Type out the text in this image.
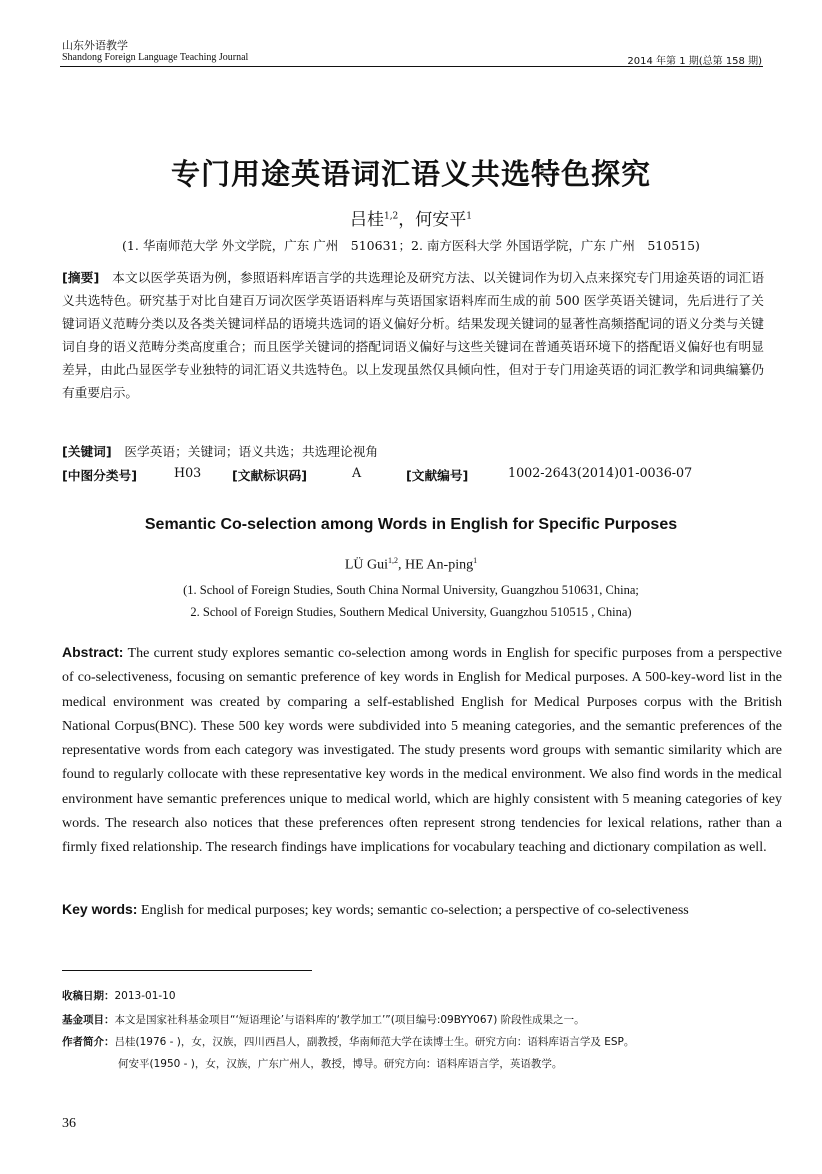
山东外语教学
Shandong Foreign Language Teaching Journal	2014 年第 1 期(总第 158 期)
专门用途英语词汇语义共选特色探究
吕桂$^{1,2}$，何安平$^1$
(1. 华南师范大学 外文学院，广东 广州　510631；2. 南方医科大学 外国语学院，广东 广州　510515)
[摘要]　 本文以医学英语为例，参照语料库语言学的共选理论及研究方法、以关键词作为切入点来探究专门用途英语的词汇语义共选特色。研究基于对比自建百万词次医学英语语料库与英语国家语料库而生成的前 500 医学英语关键词，先后进行了关键词语义范畴分类以及各类关键词样品的语境共选词的语义偏好分析。结果发现关键词的显著性高频搭配词的语义分类与关键词自身的语义范畴分类高度重合；而且医学关键词的搭配词语义偏好与这些关键词在普通英语环境下的搭配语义偏好也有明显差异，由此凸显医学专业独特的词汇语义共选特色。以上发现虽然仅具倾向性，但对于专门用途英语的词汇教学和词典编纂仍有重要启示。
[关键词]　 医学英语；关键词；语义共选；共选理论视角
[中图分类号]	H03 [文献标识码]	A	[文献编号]	1002-2643(2014)01-0036-07
Semantic Co-selection among Words in English for Specific Purposes
LÜ Gui$^{1,2}$, HE An-ping$^1$
(1. School of Foreign Studies, South China Normal University, Guangzhou 510631, China;
2. School of Foreign Studies, Southern Medical University, Guangzhou 510515 , China)
Abstract: The current study explores semantic co-selection among words in English for specific purposes from a perspective of co-selectiveness, focusing on semantic preference of key words in English for Medical purposes. A 500-key-word list in the medical environment was created by comparing a self-established English for Medical Purposes corpus with the British National Corpus(BNC). These 500 key words were subdivided into 5 meaning categories, and the semantic preferences of the representative words from each category was investigated. The study presents word groups with semantic similarity which are found to regularly collocate with these representative key words in the medical environment. We also find words in the medical environment have semantic preferences unique to medical world, which are highly consistent with 5 meaning categories of key words. The research also notices that these preferences often represent strong tendencies for lexical relations, rather than a firmly fixed relationship. The research findings have implications for vocabulary teaching and dictionary compilation as well.
Key words: English for medical purposes; key words; semantic co-selection; a perspective of co-selectiveness
收稿日期：2013-01-10
基金项目：本文是国家社科基金项目“‘短语理论’与语料库的‘教学加工’”(项目编号:09BYY067) 阶段性成果之一。
作者简介：吕桂(1976 - )，女，汉族，四川西昌人，副教授，华南师范大学在读博士生。研究方向：语料库语言学及 ESP。
何安平(1950 - )，女，汉族，广东广州人，教授，博导。研究方向：语料库语言学，英语教学。
36
